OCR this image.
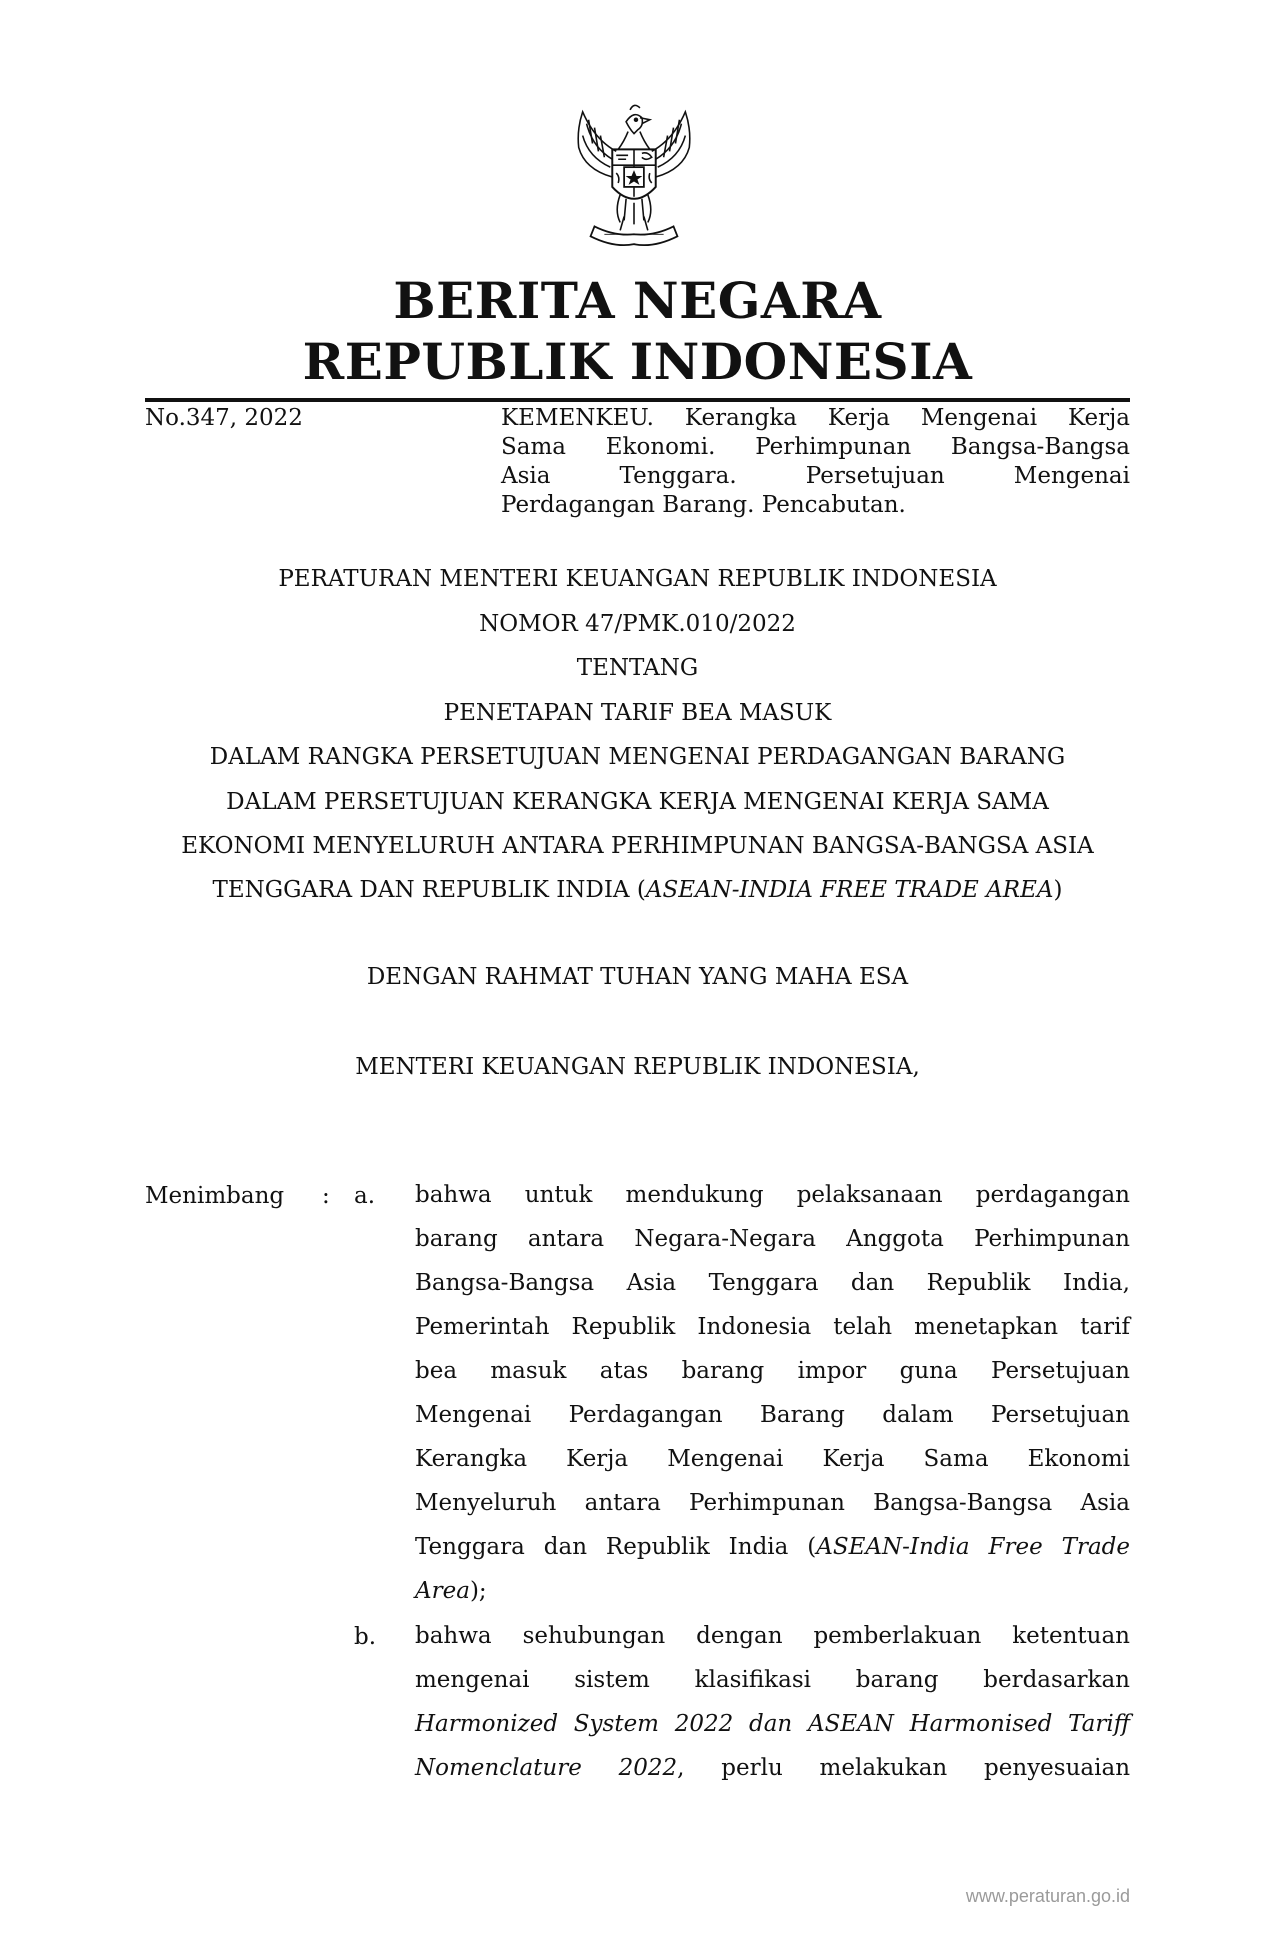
BERITA NEGARA
REPUBLIK INDONESIA
No.347, 2022	KEMENKEU. Kerangka Kerja Mengenai Kerja
Sama Ekonomi. Perhimpunan Bangsa-Bangsa
Asia Tenggara. Persetujuan Mengenai
Perdagangan Barang. Pencabutan.
PERATURAN MENTERI KEUANGAN REPUBLIK INDONESIA
NOMOR 47/PMK.010/2022
TENTANG
PENETAPAN TARIF BEA MASUK
DALAM RANGKA PERSETUJUAN MENGENAI PERDAGANGAN BARANG
DALAM PERSETUJUAN KERANGKA KERJA MENGENAI KERJA SAMA
EKONOMI MENYELURUH ANTARA PERHIMPUNAN BANGSA-BANGSA ASIA
TENGGARA DAN REPUBLIK INDIA (ASEAN-INDIA FREE TRADE AREA)
DENGAN RAHMAT TUHAN YANG MAHA ESA
MENTERI KEUANGAN REPUBLIK INDONESIA,
Menimbang : a. bahwa untuk mendukung pelaksanaan perdagangan
barang antara Negara-Negara Anggota Perhimpunan
Bangsa-Bangsa Asia Tenggara dan Republik India,
Pemerintah Republik Indonesia telah menetapkan tarif
bea masuk atas barang impor guna Persetujuan
Mengenai Perdagangan Barang dalam Persetujuan
Kerangka Kerja Mengenai Kerja Sama Ekonomi
Menyeluruh antara Perhimpunan Bangsa-Bangsa Asia
Tenggara dan Republik India (ASEAN-India Free Trade
Area);
b. bahwa sehubungan dengan pemberlakuan ketentuan
mengenai sistem klasifikasi barang berdasarkan
Harmonized System 2022 dan ASEAN Harmonised Tariff
Nomenclature 2022, perlu melakukan penyesuaian
www.peraturan.go.id
